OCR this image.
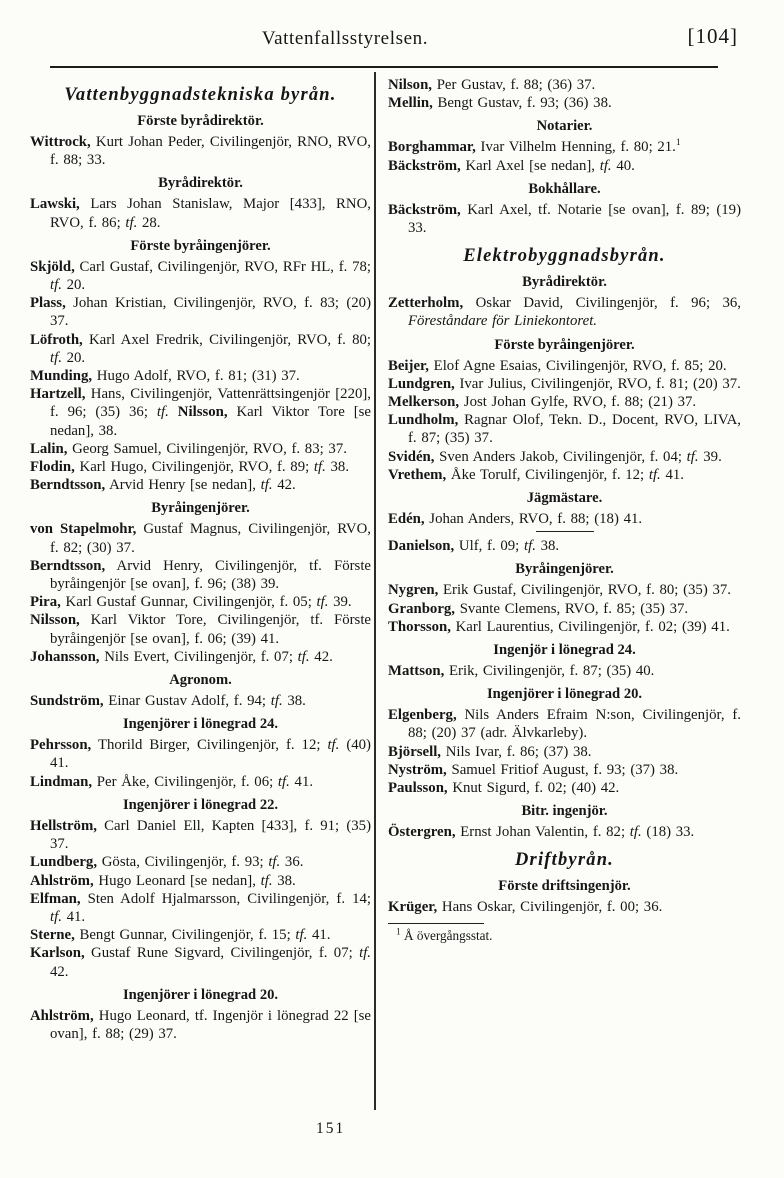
Vattenfallsstyrelsen.	[104]
Vattenbyggnadstekniska byrån.
Förste byrådirektör.

Wittrock, Kurt Johan Peder, Civilingenjör, RNO, RVO, f. 88; 33.

Byrådirektör.

Lawski, Lars Johan Stanislaw, Major [433], RNO, RVO, f. 86; tf. 28.

Förste byråingenjörer.

Skjöld, Carl Gustaf, Civilingenjör, RVO, RFr HL, f. 78; tf. 20.

Plass, Johan Kristian, Civilingenjör, RVO, f. 83; (20) 37.

Löfroth, Karl Axel Fredrik, Civilingenjör, RVO, f. 80; tf. 20.

Munding, Hugo Adolf, RVO, f. 81; (31) 37.

Hartzell, Hans, Civilingenjör, Vattenrättsingenjör [220], f. 96; (35) 36; tf. Nilsson, Karl Viktor Tore [se nedan], 38.

Lalin, Georg Samuel, Civilingenjör, RVO, f. 83; 37.

Flodin, Karl Hugo, Civilingenjör, RVO, f. 89; tf. 38.

Berndtsson, Arvid Henry [se nedan], tf. 42.

Byråingenjörer.

von Stapelmohr, Gustaf Magnus, Civilingenjör, RVO, f. 82; (30) 37.

Berndtsson, Arvid Henry, Civilingenjör, tf. Förste byråingenjör [se ovan], f. 96; (38) 39.

Pira, Karl Gustaf Gunnar, Civilingenjör, f. 05; tf. 39.

Nilsson, Karl Viktor Tore, Civilingenjör, tf. Förste byråingenjör [se ovan], f. 06; (39) 41.

Johansson, Nils Evert, Civilingenjör, f. 07; tf. 42.

Agronom.

Sundström, Einar Gustav Adolf, f. 94; tf. 38.

Ingenjörer i lönegrad 24.

Pehrsson, Thorild Birger, Civilingenjör, f. 12; tf. (40) 41.

Lindman, Per Åke, Civilingenjör, f. 06; tf. 41.

Ingenjörer i lönegrad 22.

Hellström, Carl Daniel Ell, Kapten [433], f. 91; (35) 37.

Lundberg, Gösta, Civilingenjör, f. 93; tf. 36.

Ahlström, Hugo Leonard [se nedan], tf. 38.

Elfman, Sten Adolf Hjalmarsson, Civilingenjör, f. 14; tf. 41.

Sterne, Bengt Gunnar, Civilingenjör, f. 15; tf. 41.

Karlson, Gustaf Rune Sigvard, Civilingenjör, f. 07; tf. 42.

Ingenjörer i lönegrad 20.

Ahlström, Hugo Leonard, tf. Ingenjör i lönegrad 22 [se ovan], f. 88; (29) 37.

Nilson, Per Gustav, f. 88; (36) 37.

Mellin, Bengt Gustav, f. 93; (36) 38.

Notarier.

Borghammar, Ivar Vilhelm Henning, f. 80; 21.$^1$

Bäckström, Karl Axel [se nedan], tf. 40.

Bokhållare.

Bäckström, Karl Axel, tf. Notarie [se ovan], f. 89; (19) 33.

Elektrobyggnadsbyrån.
Byrådirektör.

Zetterholm, Oskar David, Civilingenjör, f. 96; 36, Föreståndare för Liniekontoret.

Förste byråingenjörer.

Beijer, Elof Agne Esaias, Civilingenjör, RVO, f. 85; 20.

Lundgren, Ivar Julius, Civilingenjör, RVO, f. 81; (20) 37.

Melkerson, Jost Johan Gylfe, RVO, f. 88; (21) 37.

Lundholm, Ragnar Olof, Tekn. D., Docent, RVO, LIVA, f. 87; (35) 37.

Svidén, Sven Anders Jakob, Civilingenjör, f. 04; tf. 39.

Vrethem, Åke Torulf, Civilingenjör, f. 12; tf. 41.

Jägmästare.

Edén, Johan Anders, RVO, f. 88; (18) 41.

Danielson, Ulf, f. 09; tf. 38.

Byråingenjörer.

Nygren, Erik Gustaf, Civilingenjör, RVO, f. 80; (35) 37.

Granborg, Svante Clemens, RVO, f. 85; (35) 37.

Thorsson, Karl Laurentius, Civilingenjör, f. 02; (39) 41.

Ingenjör i lönegrad 24.

Mattson, Erik, Civilingenjör, f. 87; (35) 40.

Ingenjörer i lönegrad 20.

Elgenberg, Nils Anders Efraim N:son, Civilingenjör, f. 88; (20) 37 (adr. Älvkarleby).

Björsell, Nils Ivar, f. 86; (37) 38.

Nyström, Samuel Fritiof August, f. 93; (37) 38.

Paulsson, Knut Sigurd, f. 02; (40) 42.

Bitr. ingenjör.

Östergren, Ernst Johan Valentin, f. 82; tf. (18) 33.

Driftbyrån.
Förste driftsingenjör.

Krüger, Hans Oskar, Civilingenjör, f. 00; 36.

$^1$ Å övergångsstat.

151
